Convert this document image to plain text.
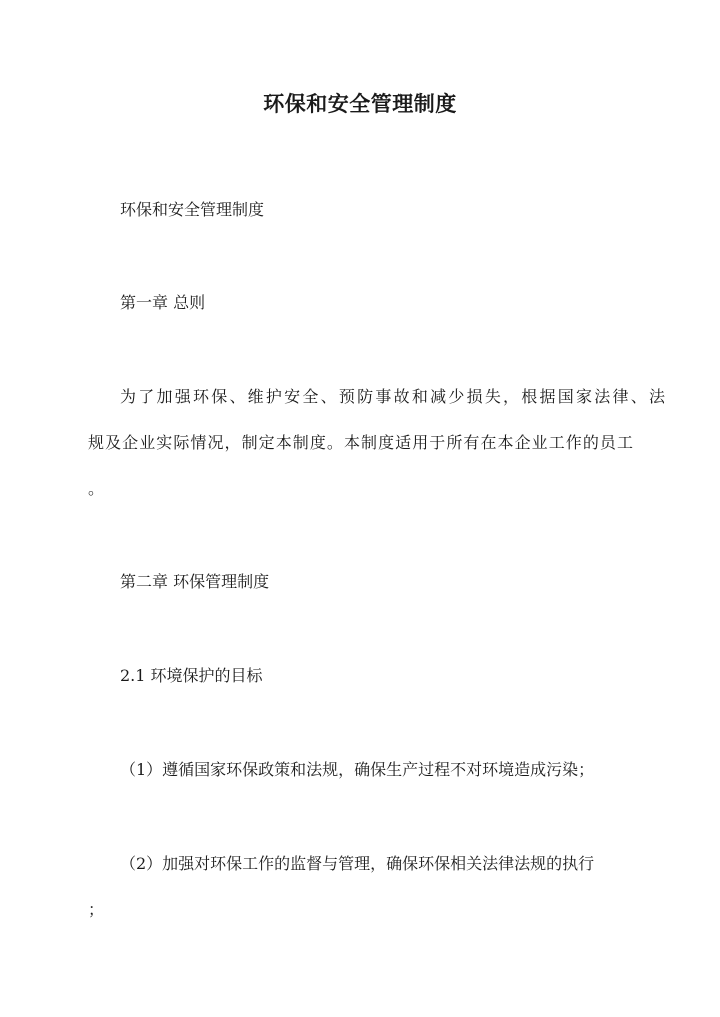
环保和安全管理制度

环保和安全管理制度

第一章 总则

为了加强环保、维护安全、预防事故和减少损失，根据国家法律、法

规及企业实际情况，制定本制度。本制度适用于所有在本企业工作的员工

。

第二章 环保管理制度

2.1 环境保护的目标

（1）遵循国家环保政策和法规，确保生产过程不对环境造成污染；

（2）加强对环保工作的监督与管理，确保环保相关法律法规的执行

；
